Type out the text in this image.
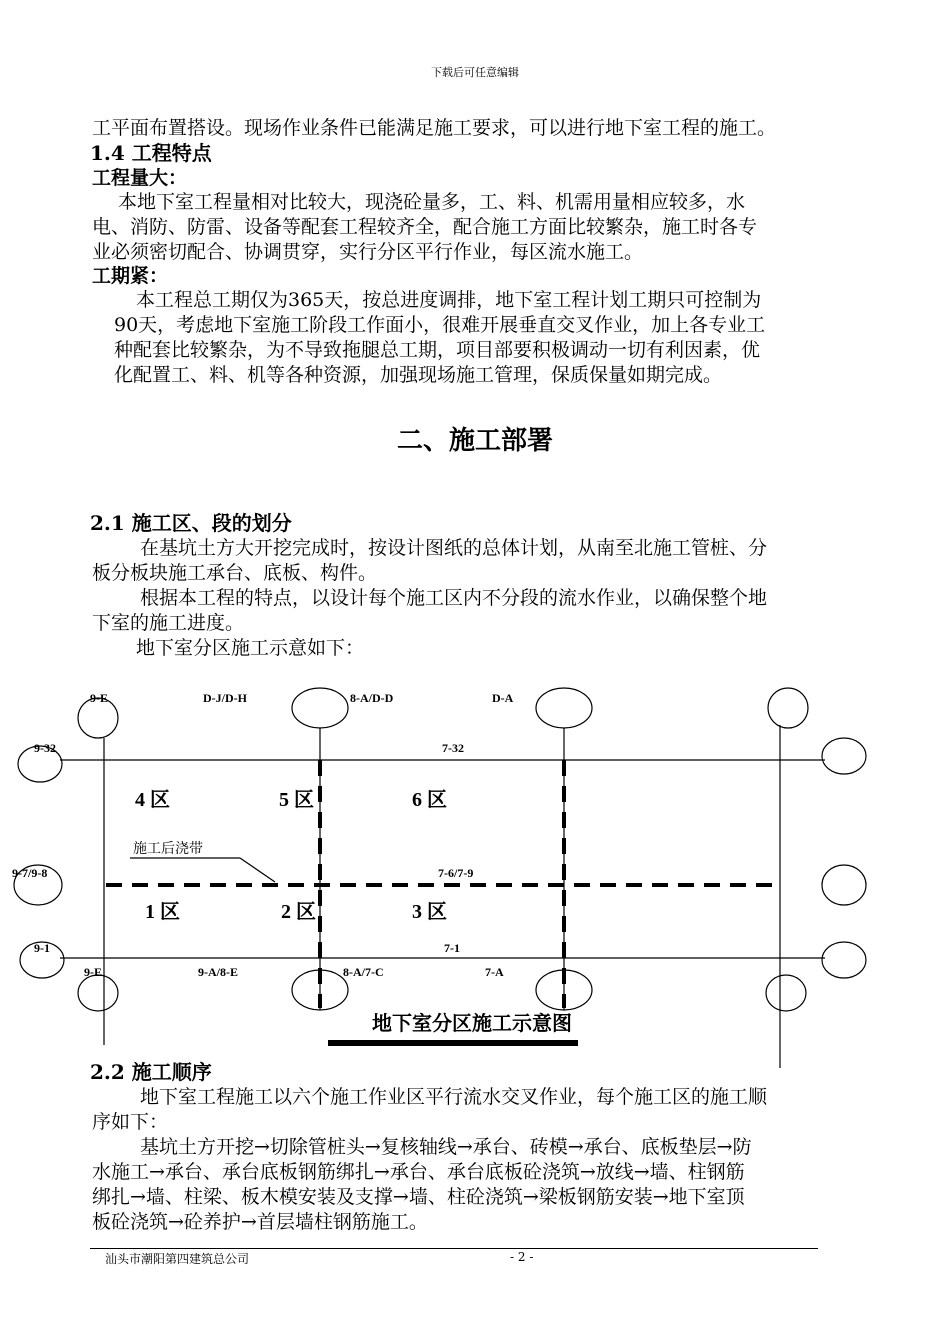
下载后可任意编辑
工平面布置搭设。现场作业条件已能满足施工要求，可以进行地下室工程的施工。
1.4 工程特点
工程量大：
本地下室工程量相对比较大，现浇砼量多，工、料、机需用量相应较多，水
电、消防、防雷、设备等配套工程较齐全，配合施工方面比较繁杂，施工时各专
业必须密切配合、协调贯穿，实行分区平行作业，每区流水施工。
工期紧：
本工程总工期仅为365天，按总进度调排，地下室工程计划工期只可控制为
90天，考虑地下室施工阶段工作面小，很难开展垂直交叉作业，加上各专业工
种配套比较繁杂，为不导致拖腿总工期，项目部要积极调动一切有利因素，优
化配置工、料、机等各种资源，加强现场施工管理，保质保量如期完成。
二、施工部署
2.1 施工区、段的划分
在基坑土方大开挖完成时，按设计图纸的总体计划，从南至北施工管桩、分
板分板块施工承台、底板、构件。
根据本工程的特点，以设计每个施工区内不分段的流水作业，以确保整个地
下室的施工进度。
地下室分区施工示意如下：
9-E	D-J/D-H	8-A/D-D	D-A
9-32
9-7/9-8
9-1
7-32
7-6/7-9
7-1
9-E	9-A/8-E	8-A/7-C	7-A
4 区	5 区	6 区
1 区	2 区	3 区
施工后浇带
地下室分区施工示意图
2.2 施工顺序
地下室工程施工以六个施工作业区平行流水交叉作业，每个施工区的施工顺
序如下：
基坑土方开挖→切除管桩头→复核轴线→承台、砖模→承台、底板垫层→防
水施工→承台、承台底板钢筋绑扎→承台、承台底板砼浇筑→放线→墙、柱钢筋
绑扎→墙、柱梁、板木模安装及支撑→墙、柱砼浇筑→梁板钢筋安装→地下室顶
板砼浇筑→砼养护→首层墙柱钢筋施工。
汕头市潮阳第四建筑总公司	- 2 -
